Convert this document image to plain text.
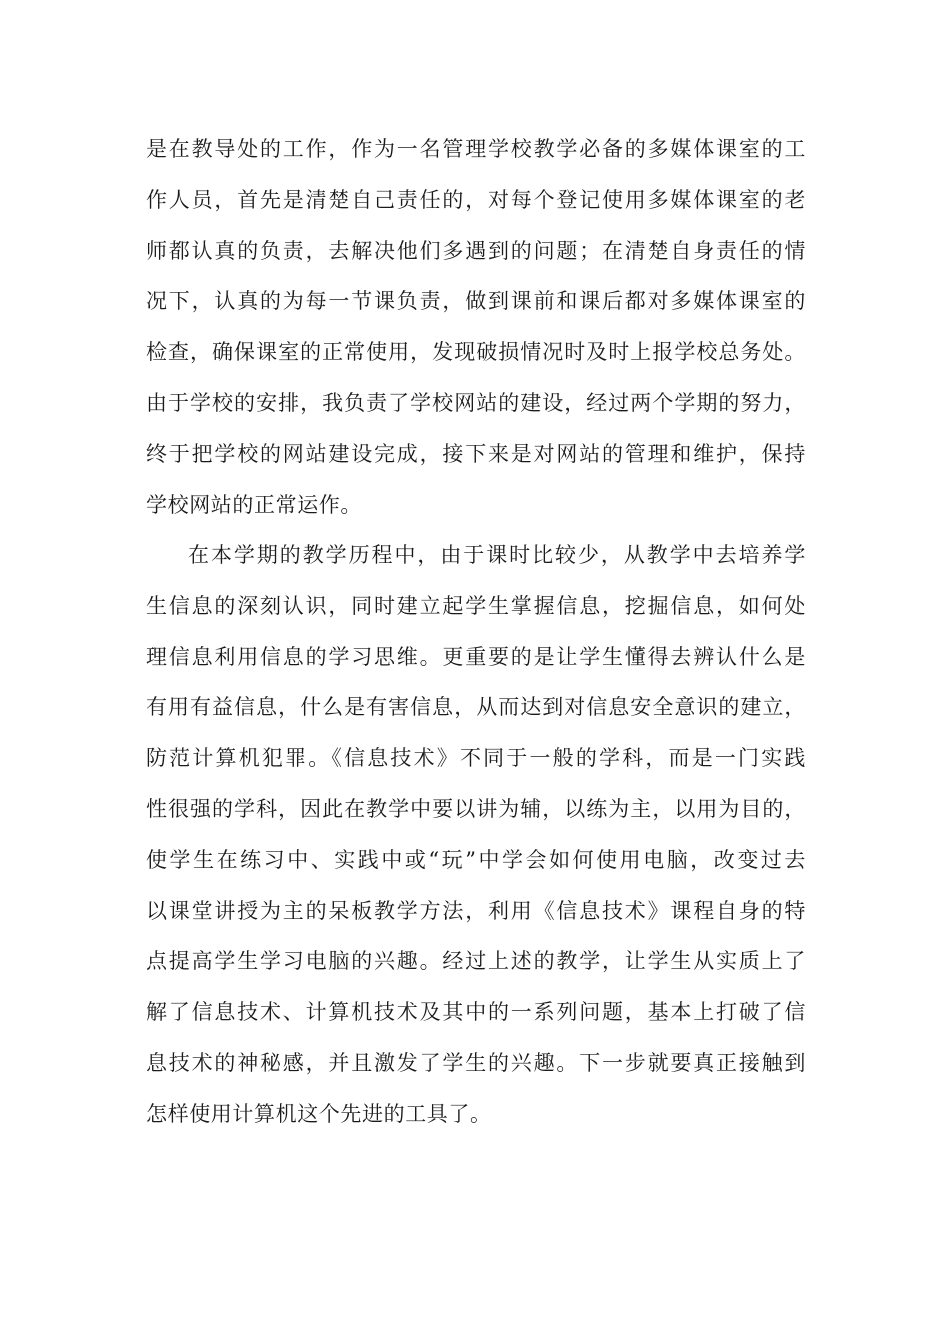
是在教导处的工作，作为一名管理学校教学必备的多媒体课室的工
作人员，首先是清楚自己责任的，对每个登记使用多媒体课室的老
师都认真的负责，去解决他们多遇到的问题；在清楚自身责任的情
况下，认真的为每一节课负责，做到课前和课后都对多媒体课室的
检查，确保课室的正常使用，发现破损情况时及时上报学校总务处。
由于学校的安排，我负责了学校网站的建设，经过两个学期的努力，
终于把学校的网站建设完成，接下来是对网站的管理和维护，保持
学校网站的正常运作。
在本学期的教学历程中，由于课时比较少，从教学中去培养学
生信息的深刻认识，同时建立起学生掌握信息，挖掘信息，如何处
理信息利用信息的学习思维。更重要的是让学生懂得去辨认什么是
有用有益信息，什么是有害信息，从而达到对信息安全意识的建立，
防范计算机犯罪。《信息技术》不同于一般的学科，而是一门实践
性很强的学科，因此在教学中要以讲为辅，以练为主，以用为目的，
使学生在练习中、实践中或“玩”中学会如何使用电脑，改变过去
以课堂讲授为主的呆板教学方法，利用《信息技术》课程自身的特
点提高学生学习电脑的兴趣。经过上述的教学，让学生从实质上了
解了信息技术、计算机技术及其中的一系列问题，基本上打破了信
息技术的神秘感，并且激发了学生的兴趣。下一步就要真正接触到
怎样使用计算机这个先进的工具了。
